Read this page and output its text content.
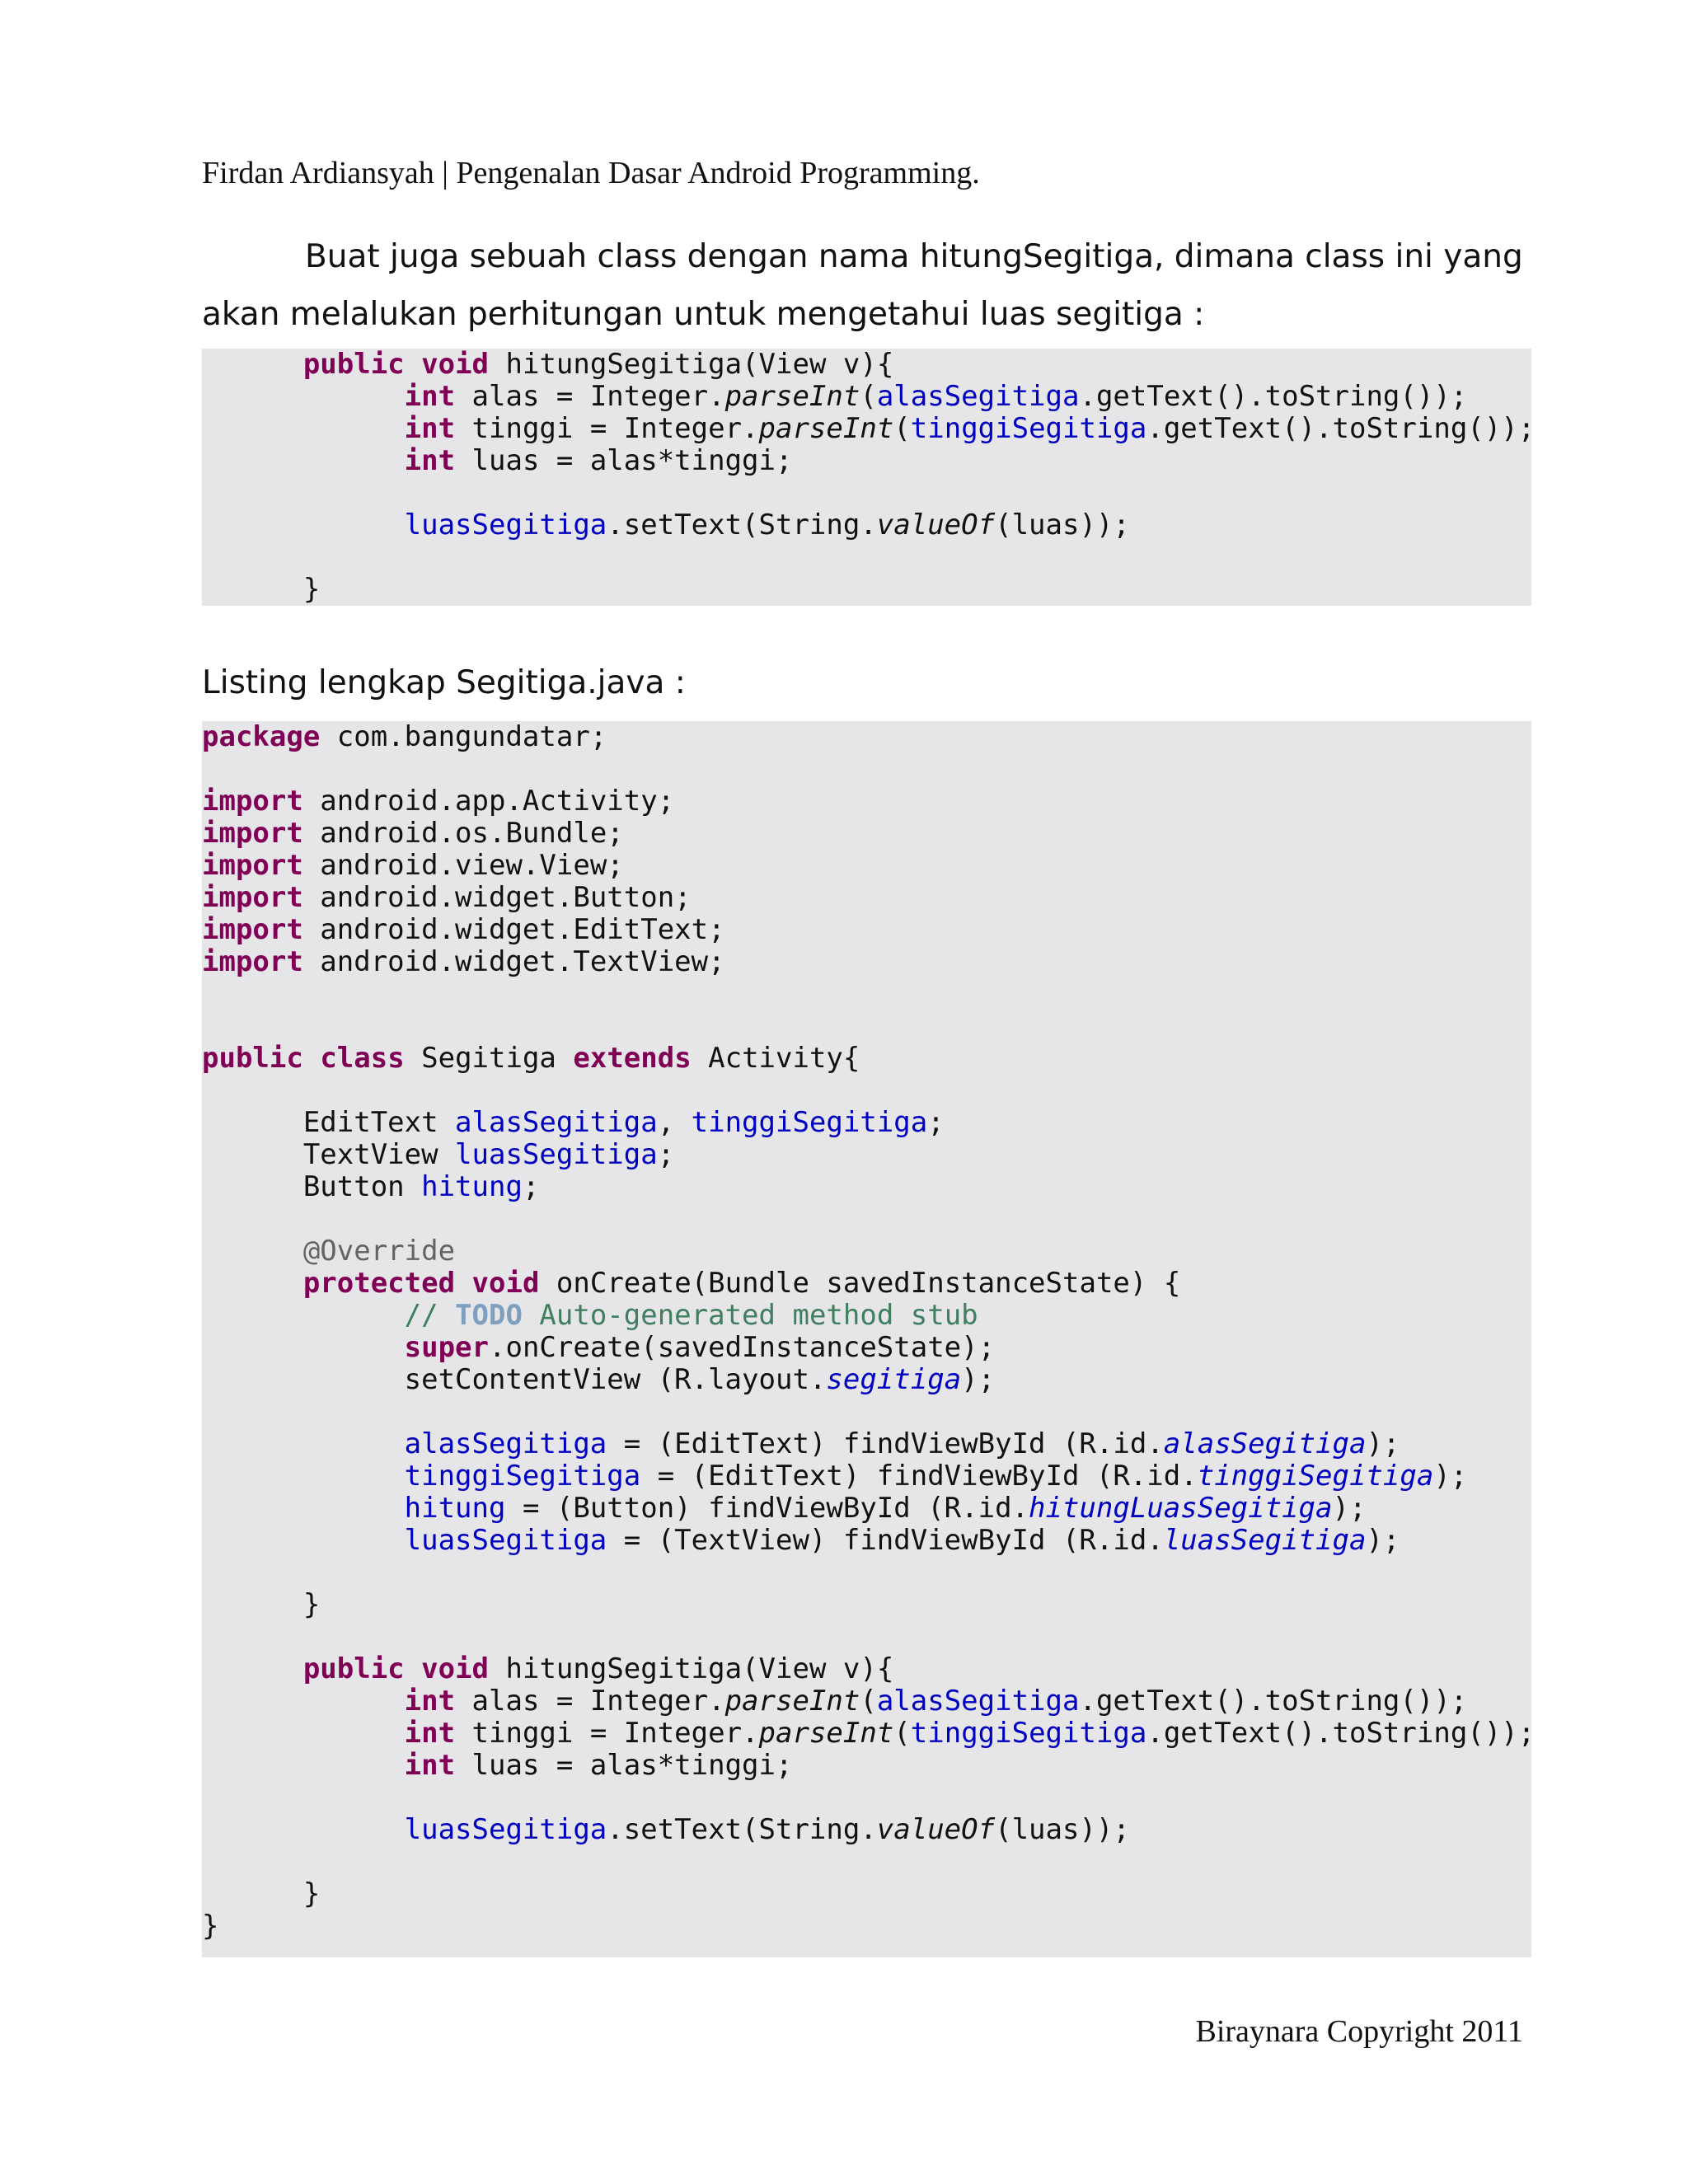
Firdan Ardiansyah | Pengenalan Dasar Android Programming.
Buat juga sebuah class dengan nama hitungSegitiga, dimana class ini yang akan melalukan perhitungan untuk mengetahui luas segitiga :
public void hitungSegitiga(View v){
int alas = Integer.parseInt(alasSegitiga.getText().toString());
int tinggi = Integer.parseInt(tinggiSegitiga.getText().toString());
int luas = alas*tinggi;

luasSegitiga.setText(String.valueOf(luas));

}
Listing lengkap Segitiga.java :
package com.bangundatar;

import android.app.Activity;
import android.os.Bundle;
import android.view.View;
import android.widget.Button;
import android.widget.EditText;
import android.widget.TextView;

public class Segitiga extends Activity{

EditText alasSegitiga, tinggiSegitiga;
TextView luasSegitiga;
Button hitung;

@Override
protected void onCreate(Bundle savedInstanceState) {
// TODO Auto-generated method stub
super.onCreate(savedInstanceState);
setContentView (R.layout.segitiga);

alasSegitiga = (EditText) findViewById (R.id.alasSegitiga);
tinggiSegitiga = (EditText) findViewById (R.id.tinggiSegitiga);
hitung = (Button) findViewById (R.id.hitungLuasSegitiga);
luasSegitiga = (TextView) findViewById (R.id.luasSegitiga);

}

public void hitungSegitiga(View v){
int alas = Integer.parseInt(alasSegitiga.getText().toString());
int tinggi = Integer.parseInt(tinggiSegitiga.getText().toString());
int luas = alas*tinggi;

luasSegitiga.setText(String.valueOf(luas));

}
}
Biraynara Copyright 2011
